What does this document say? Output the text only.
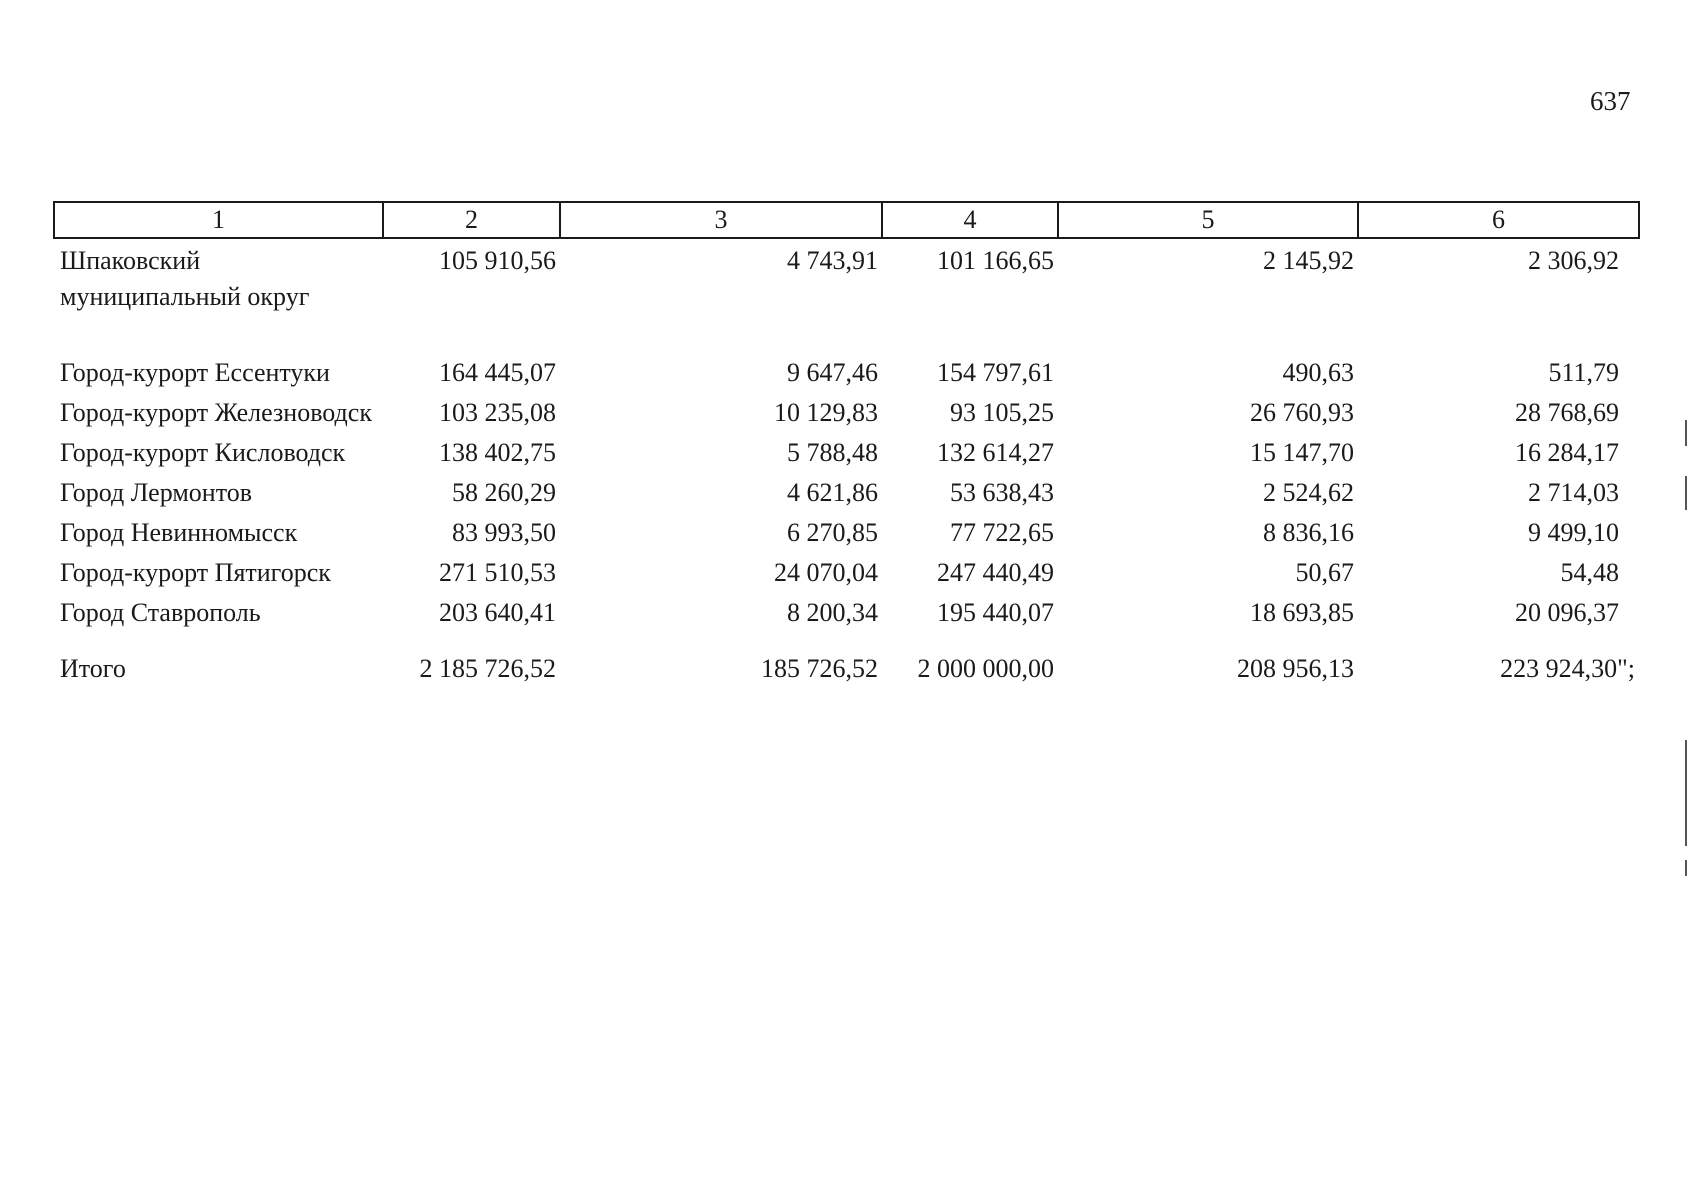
637
1	2	3	4	5	6
Шпаковский муниципальный округ	105 910,56	4 743,91	101 166,65	2 145,92	2 306,92
Город-курорт Ессентуки	164 445,07	9 647,46	154 797,61	490,63	511,79
Город-курорт Железноводск	103 235,08	10 129,83	93 105,25	26 760,93	28 768,69
Город-курорт Кисловодск	138 402,75	5 788,48	132 614,27	15 147,70	16 284,17
Город Лермонтов	58 260,29	4 621,86	53 638,43	2 524,62	2 714,03
Город Невинномысск	83 993,50	6 270,85	77 722,65	8 836,16	9 499,10
Город-курорт Пятигорск	271 510,53	24 070,04	247 440,49	50,67	54,48
Город Ставрополь	203 640,41	8 200,34	195 440,07	18 693,85	20 096,37
Итого	2 185 726,52	185 726,52	2 000 000,00	208 956,13	223 924,30";
